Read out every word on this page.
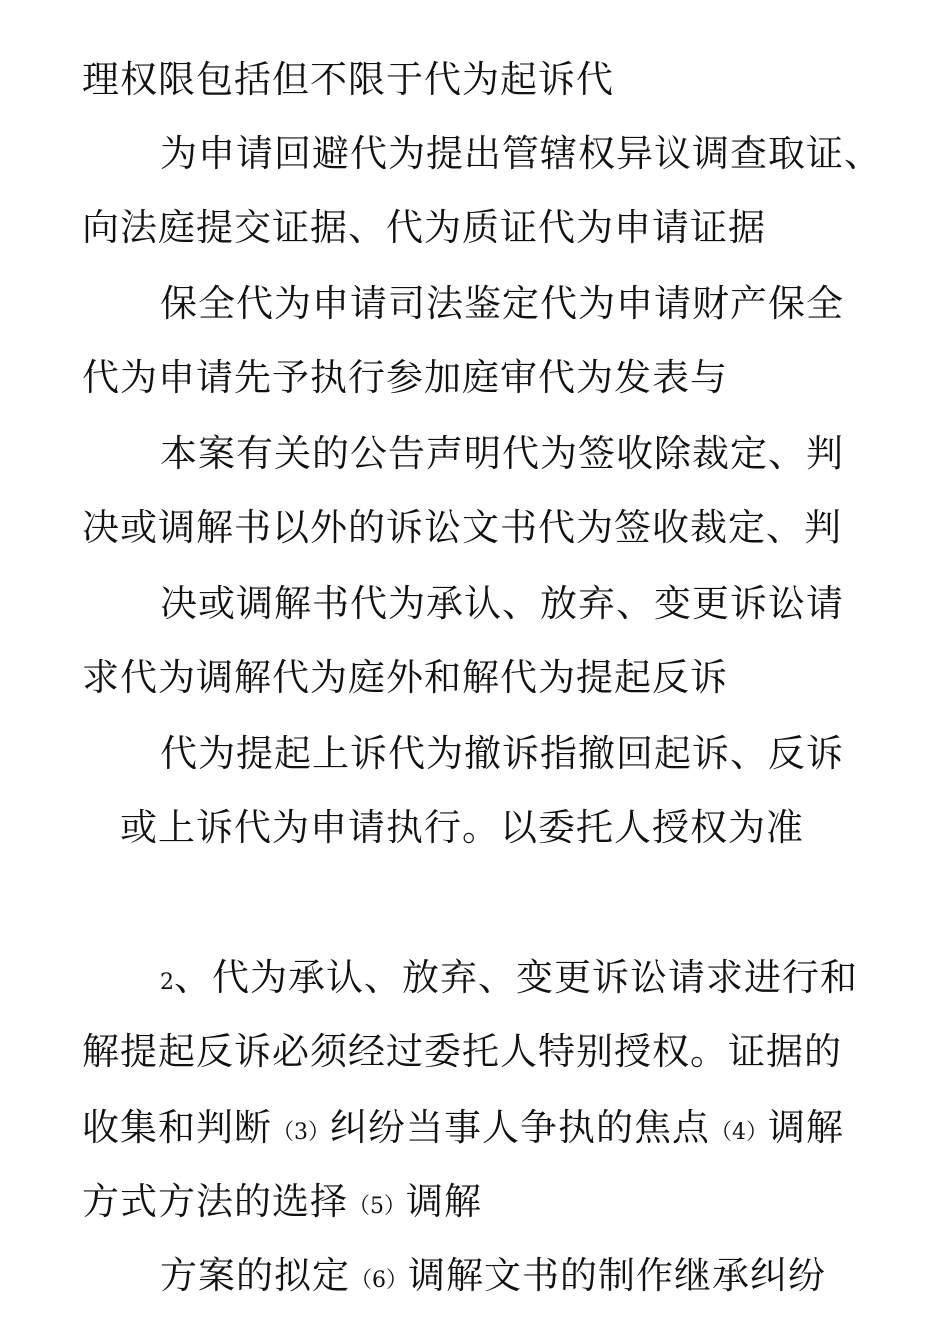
理权限包括但不限于代为起诉代
为申请回避代为提出管辖权异议调查取证、
向法庭提交证据、代为质证代为申请证据
保全代为申请司法鉴定代为申请财产保全
代为申请先予执行参加庭审代为发表与
本案有关的公告声明代为签收除裁定、判
决或调解书以外的诉讼文书代为签收裁定、判
决或调解书代为承认、放弃、变更诉讼请
求代为调解代为庭外和解代为提起反诉
代为提起上诉代为撤诉指撤回起诉、反诉
或上诉代为申请执行。以委托人授权为准
2、代为承认、放弃、变更诉讼请求进行和
解提起反诉必须经过委托人特别授权。证据的
收集和判断（3）纠纷当事人争执的焦点（4）调解
方式方法的选择（5）调解
方案的拟定（6）调解文书的制作继承纠纷
